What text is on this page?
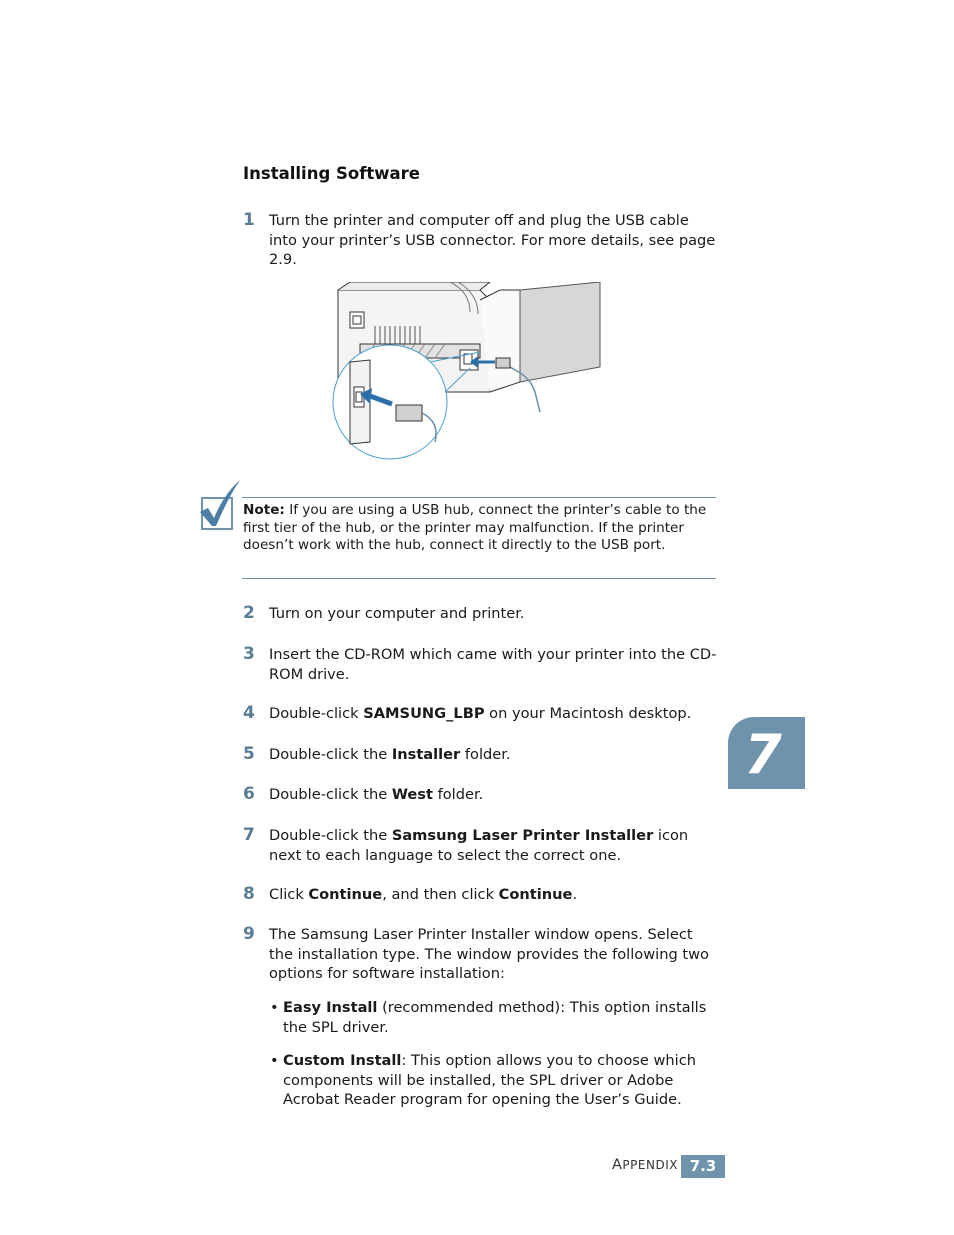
Installing Software
1 Turn the printer and computer off and plug the USB cable into your printer’s USB connector. For more details, see page 2.9.
Note: If you are using a USB hub, connect the printer’s cable to the first tier of the hub, or the printer may malfunction. If the printer doesn’t work with the hub, connect it directly to the USB port.
2 Turn on your computer and printer.
3 Insert the CD-ROM which came with your printer into the CD-ROM drive.
4 Double-click SAMSUNG_LBP on your Macintosh desktop.
5 Double-click the Installer folder.
6 Double-click the West folder.
7 Double-click the Samsung Laser Printer Installer icon next to each language to select the correct one.
8 Click Continue, and then click Continue.
9 The Samsung Laser Printer Installer window opens. Select the installation type. The window provides the following two options for software installation:
• Easy Install (recommended method): This option installs the SPL driver.
• Custom Install: This option allows you to choose which components will be installed, the SPL driver or Adobe Acrobat Reader program for opening the User’s Guide.
7
APPENDIX 7.3
